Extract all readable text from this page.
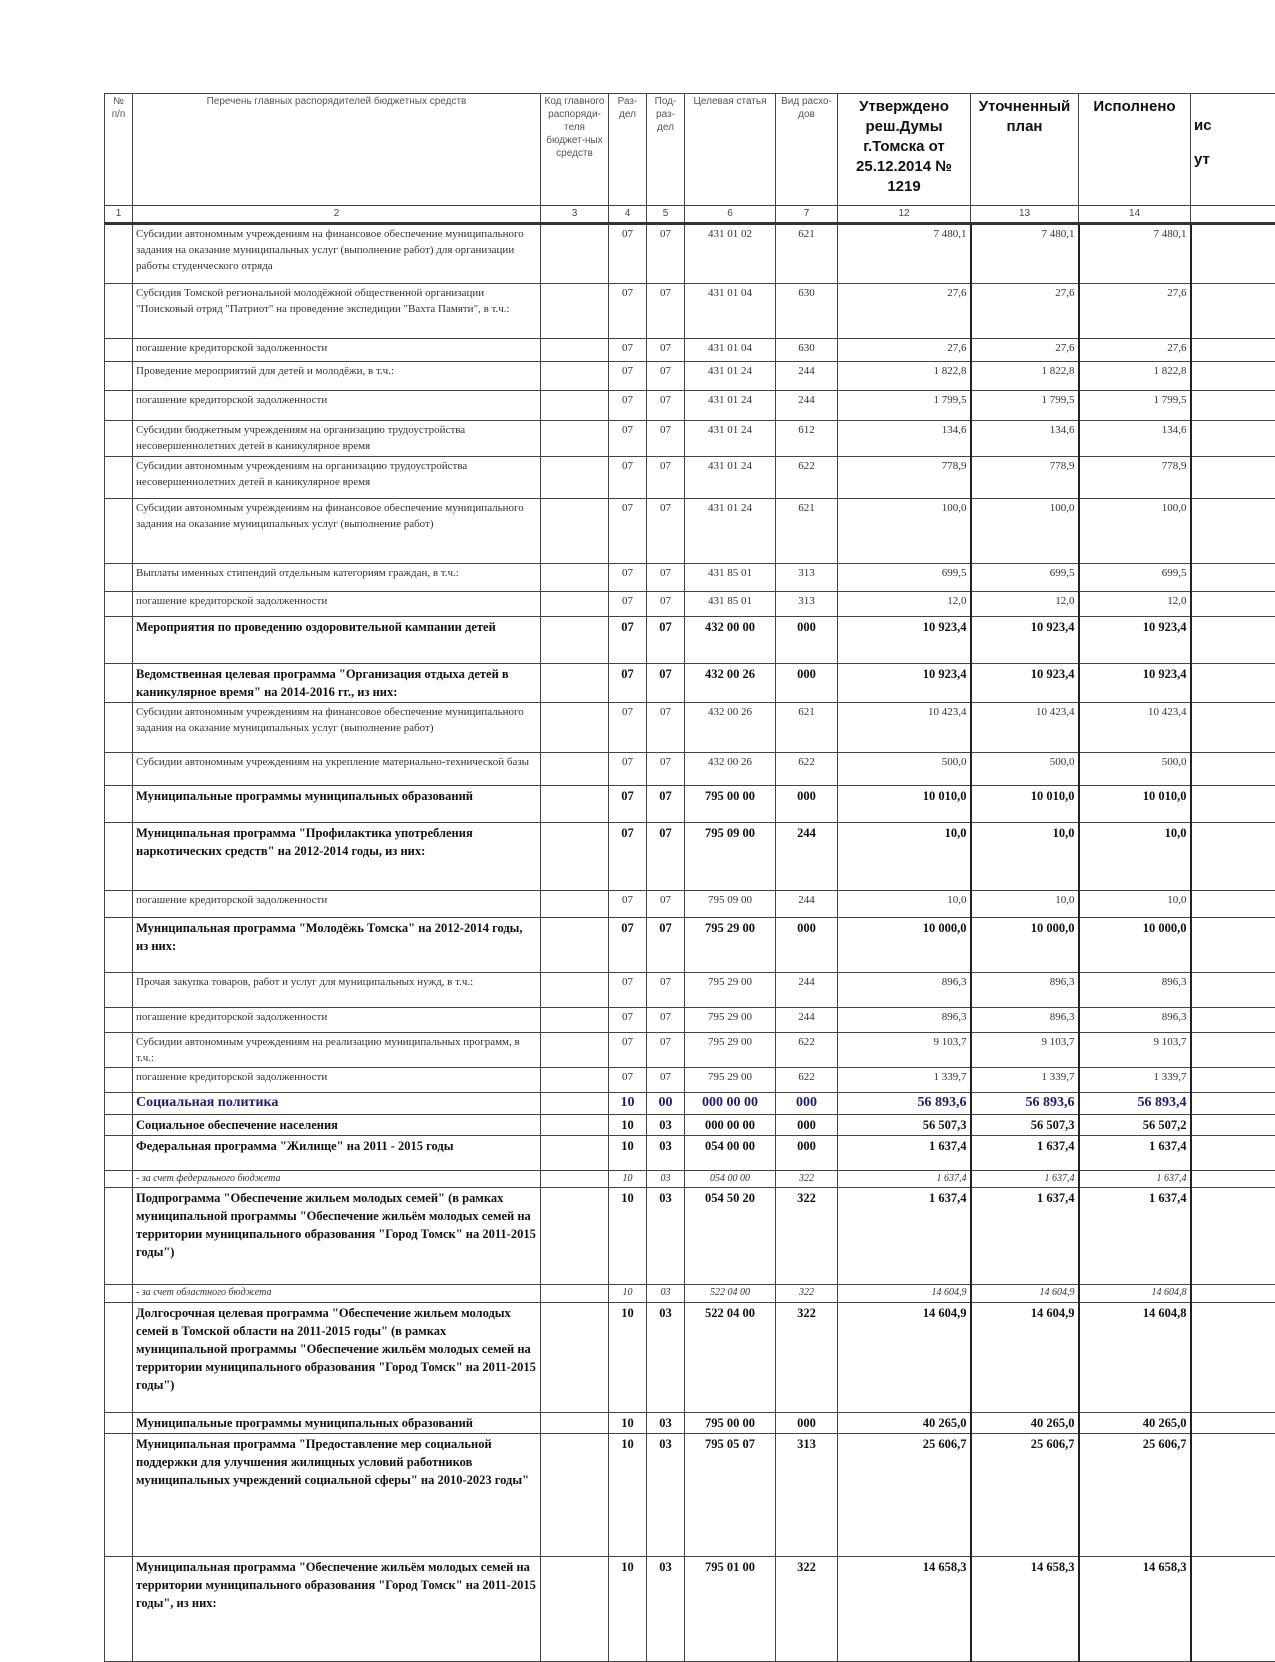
№ п/п	Перечень главных распорядителей бюджетных средств	Код главного распоряди-теля бюджет-ных средств	Раз-дел	Под-раз-дел	Целевая статья	Вид расхо-дов	Утверждено реш.Думы г.Томска от 25.12.2014 № 1219	Уточненный план	Исполнено	ис
ут

1	2	3	4	5	6	7	12	13	14	
	Субсидии автономным учреждениям на финансовое обеспечение муниципального задания на оказание муниципальных услуг (выполнение работ) для организации работы студенческого отряда		07	07	431 01 02	621	7 480,1	7 480,1	7 480,1	
	Субсидия Томской региональной молодёжной общественной организации "Поисковый отряд "Патриот" на проведение экспедиции "Вахта Памяти", в т.ч.:		07	07	431 01 04	630	27,6	27,6	27,6	
	погашение кредиторской задолженности		07	07	431 01 04	630	27,6	27,6	27,6	
	Проведение мероприятий для детей и молодёжи, в т.ч.:		07	07	431 01 24	244	1 822,8	1 822,8	1 822,8	
	погашение кредиторской задолженности		07	07	431 01 24	244	1 799,5	1 799,5	1 799,5	
	Субсидии бюджетным учреждениям на организацию трудоустройства несовершеннолетних детей в каникулярное время		07	07	431 01 24	612	134,6	134,6	134,6	
	Субсидии автономным учреждениям на организацию трудоустройства несовершеннолетних детей в каникулярное время		07	07	431 01 24	622	778,9	778,9	778,9	
	Субсидии автономным учреждениям на финансовое обеспечение муниципального задания на оказание муниципальных услуг (выполнение работ)		07	07	431 01 24	621	100,0	100,0	100,0	
	Выплаты именных стипендий отдельным категориям граждан, в т.ч.:		07	07	431 85 01	313	699,5	699,5	699,5	
	погашение кредиторской задолженности		07	07	431 85 01	313	12,0	12,0	12,0	
	Мероприятия по проведению оздоровительной кампании детей		07	07	432 00 00	000	10 923,4	10 923,4	10 923,4	
	Ведомственная целевая программа "Организация отдыха детей в каникулярное время" на 2014-2016 гг., из них:		07	07	432 00 26	000	10 923,4	10 923,4	10 923,4	
	Субсидии автономным учреждениям на финансовое обеспечение муниципального задания на оказание муниципальных услуг (выполнение работ)		07	07	432 00 26	621	10 423,4	10 423,4	10 423,4	
	Субсидии автономным учреждениям на укрепление материально-технической базы		07	07	432 00 26	622	500,0	500,0	500,0	
	Муниципальные программы муниципальных образований		07	07	795 00 00	000	10 010,0	10 010,0	10 010,0	
	Муниципальная программа "Профилактика употребления наркотических средств" на 2012-2014 годы, из них:		07	07	795 09 00	244	10,0	10,0	10,0	
	погашение кредиторской задолженности		07	07	795 09 00	244	10,0	10,0	10,0	
	Муниципальная программа "Молодёжь Томска" на 2012-2014 годы, из них:		07	07	795 29 00	000	10 000,0	10 000,0	10 000,0	
	Прочая закупка товаров, работ и услуг для муниципальных нужд, в т.ч.:		07	07	795 29 00	244	896,3	896,3	896,3	
	погашение кредиторской задолженности		07	07	795 29 00	244	896,3	896,3	896,3	
	Субсидии автономным учреждениям на реализацию муниципальных программ, в т.ч.:		07	07	795 29 00	622	9 103,7	9 103,7	9 103,7	
	погашение кредиторской задолженности		07	07	795 29 00	622	1 339,7	1 339,7	1 339,7	
	Социальная политика		10	00	000 00 00	000	56 893,6	56 893,6	56 893,4	
	Социальное обеспечение населения		10	03	000 00 00	000	56 507,3	56 507,3	56 507,2	
	Федеральная программа "Жилище" на 2011 - 2015 годы		10	03	054 00 00	000	1 637,4	1 637,4	1 637,4	
	- за счет федерального бюджета		10	03	054 00 00	322	1 637,4	1 637,4	1 637,4	
	Подпрограмма "Обеспечение жильем молодых семей" (в рамках муниципальной программы "Обеспечение жильём молодых семей на территории муниципального образования "Город Томск" на 2011-2015 годы")		10	03	054 50 20	322	1 637,4	1 637,4	1 637,4	
	- за счет областного бюджета		10	03	522 04 00	322	14 604,9	14 604,9	14 604,8	
	Долгосрочная целевая программа "Обеспечение жильем молодых семей в Томской области на 2011-2015 годы" (в рамках муниципальной программы "Обеспечение жильём молодых семей на территории муниципального образования "Город Томск" на 2011-2015 годы")		10	03	522 04 00	322	14 604,9	14 604,9	14 604,8	
	Муниципальные программы муниципальных образований		10	03	795 00 00	000	40 265,0	40 265,0	40 265,0	
	Муниципальная программа "Предоставление мер социальной поддержки для улучшения жилищных условий работников муниципальных учреждений социальной сферы" на 2010-2023 годы"		10	03	795 05 07	313	25 606,7	25 606,7	25 606,7	
	Муниципальная программа "Обеспечение жильём молодых семей на территории муниципального образования "Город Томск" на 2011-2015 годы", из них:		10	03	795 01 00	322	14 658,3	14 658,3	14 658,3	
